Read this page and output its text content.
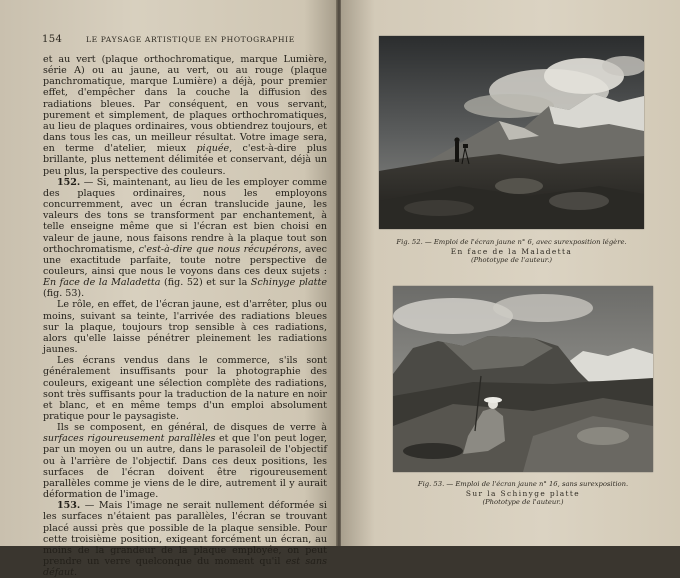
154	LE PAYSAGE ARTISTIQUE EN PHOTOGRAPHIE

et au vert (plaque orthochromatique, marque Lumière, série A) ou au jaune, au vert, ou au rouge (plaque panchromatique, marque Lumière) a déjà, pour premier effet, d'empêcher dans la couche la diffusion des radiations bleues. Par conséquent, en vous servant, purement et simplement, de plaques orthochromatiques, au lieu de plaques ordinaires, vous obtiendrez toujours, et dans tous les cas, un meilleur résultat. Votre image sera, en terme d'atelier, mieux piquée, c'est-à-dire plus brillante, plus nettement délimitée et conservant, déjà un peu plus, la perspective des couleurs.

152. — Si, maintenant, au lieu de les employer comme des plaques ordinaires, nous les employons concurremment, avec un écran translucide jaune, les valeurs des tons se transforment par enchantement, à telle enseigne même que si l'écran est bien choisi en valeur de jaune, nous faisons rendre à la plaque tout son orthochromatisme, c'est-à-dire que nous récupérons, avec une exactitude parfaite, toute notre perspective de couleurs, ainsi que nous le voyons dans ces deux sujets : En face de la Maladetta (fig. 52) et sur la Schinyge platte (fig. 53).

Le rôle, en effet, de l'écran jaune, est d'arrêter, plus ou moins, suivant sa teinte, l'arrivée des radiations bleues sur la plaque, toujours trop sensible à ces radiations, alors qu'elle laisse pénétrer pleinement les radiations jaunes.

Les écrans vendus dans le commerce, s'ils sont généralement insuffisants pour la photographie des couleurs, exigeant une sélection complète des radiations, sont très suffisants pour la traduction de la nature en noir et blanc, et en même temps d'un emploi absolument pratique pour le paysagiste.

Ils se composent, en général, de disques de verre à surfaces rigoureusement parallèles et que l'on peut loger, par un moyen ou un autre, dans le parasoleil de l'objectif ou à l'arrière de l'objectif. Dans ces deux positions, les surfaces de l'écran doivent être rigoureusement parallèles comme je viens de le dire, autrement il y aurait déformation de l'image.

153. — Mais l'image ne serait nullement déformée si les surfaces n'étaient pas parallèles, l'écran se trouvant placé aussi près que possible de la plaque sensible. Pour cette troisième position, exigeant forcément un écran, au moins de la grandeur de la plaque employée, on peut prendre un verre quelconque du moment qu'il est sans défaut.

Fig. 52. — Emploi de l'écran jaune n° 6, avec surexposition légère.
En face de la Maladetta
(Phototype de l'auteur.)
Fig. 53. — Emploi de l'écran jaune n° 16, sans surexposition.
Sur la Schinyge platte
(Phototype de l'auteur.)
